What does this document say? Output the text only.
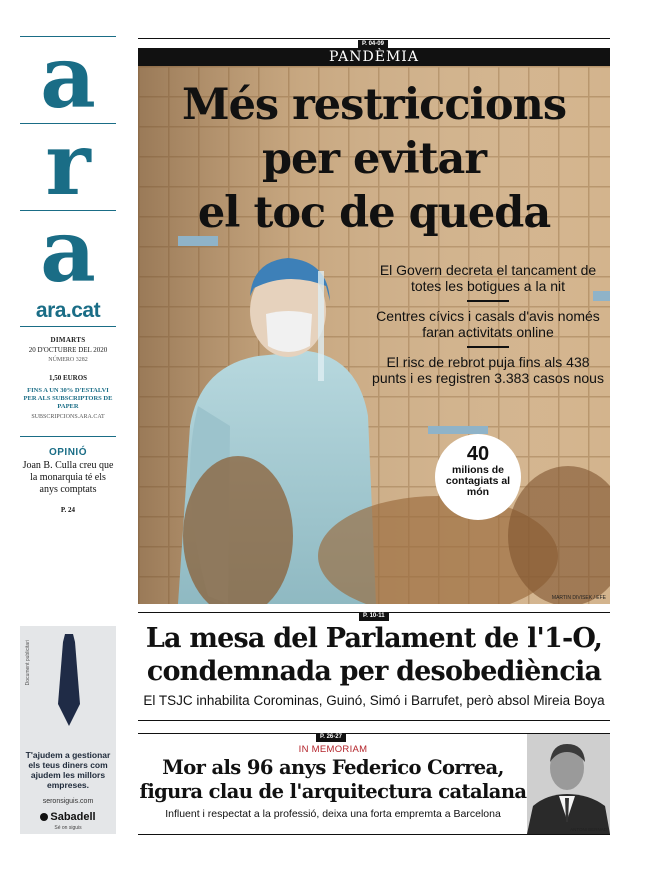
a
r
a
ara.cat
DIMARTS
20 D'OCTUBRE DEL 2020
NÚMERO 3282
1,50 EUROS
FINS A UN 30% D'ESTALVI PER ALS SUBSCRIPTORS DE PAPER
SUBSCRIPCIONS.ARA.CAT
OPINIÓ
Joan B. Culla creu que la monarquia té els anys comptats
P. 24
Document publicitari
T'ajudem a gestionar els teus diners com ajudem les millors empreses.
seronsiguis.com
Sabadell
Sé on siguis
P. 04-09
PANDÈMIA
Més restriccions
per evitar
el toc de queda
El Govern decreta el tancament de totes les botigues a la nit
Centres cívics i casals d'avis només faran activitats online
El risc de rebrot puja fins als 438 punts i es registren 3.383 casos nous
40
milions de contagiats al món
MARTIN DIVISEK / EFE
P. 10-11
La mesa del Parlament de l'1-O,
condemnada per desobediència
El TSJC inhabilita Corominas, Guinó, Simó i Barrufet, però absol Mireia Boya
P. 26-27
IN MEMORIAM
Mor als 96 anys Federico Correa,
figura clau de l'arquitectura catalana
Influent i respectat a la professió, deixa una forta empremta a Barcelona
ANTONI BERNAD
